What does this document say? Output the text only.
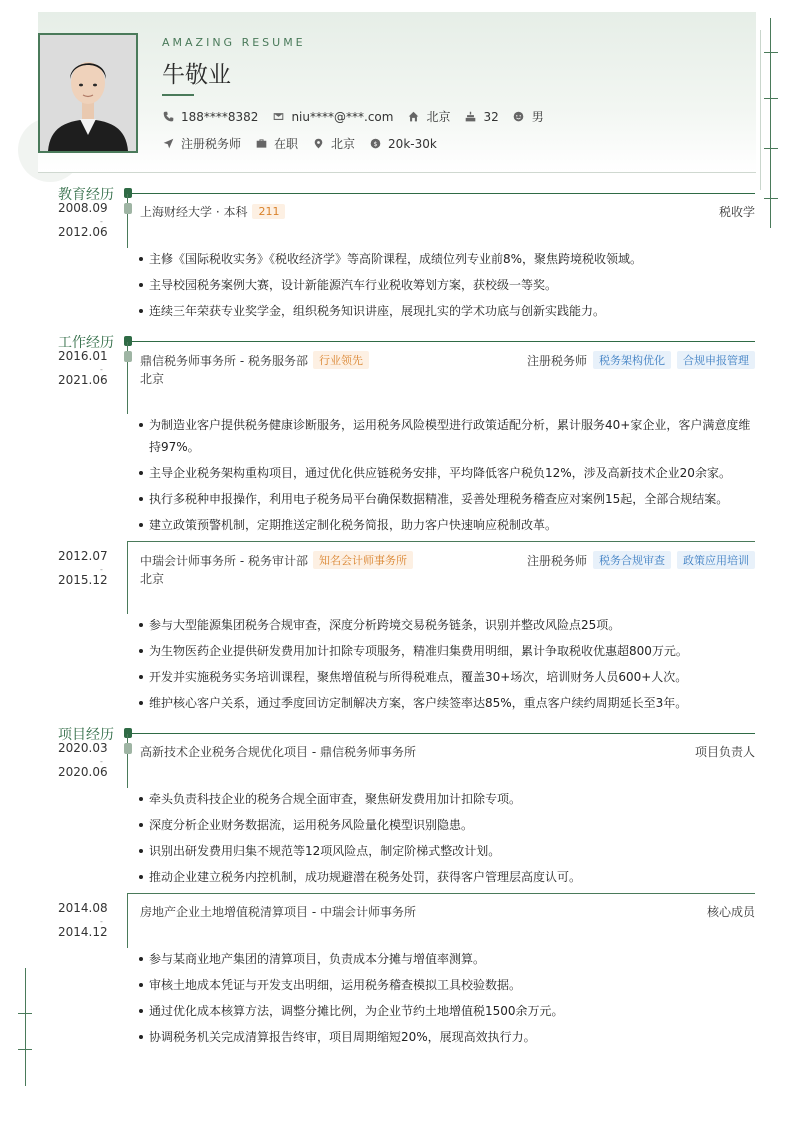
AMAZING RESUME
牛敬业
188****8382	niu****@***.com	北京	32	男
注册税务师	在职	北京 $ 20k-30k
教育经历
2008.09
-
2012.06
上海财经大学 · 本科	211	税收学
主修《国际税收实务》《税收经济学》等高阶课程，成绩位列专业前8%，聚焦跨境税收领域。
主导校园税务案例大赛，设计新能源汽车行业税收筹划方案，获校级一等奖。
连续三年荣获专业奖学金，组织税务知识讲座，展现扎实的学术功底与创新实践能力。
工作经历
2016.01
-
2021.06
鼎信税务师事务所 - 税务服务部	行业领先	注册税务师	税务架构优化	合规申报管理
北京
为制造业客户提供税务健康诊断服务，运用税务风险模型进行政策适配分析，累计服务40+家企业，客户满意度维持97%。
主导企业税务架构重构项目，通过优化供应链税务安排，平均降低客户税负12%，涉及高新技术企业20余家。
执行多税种申报操作，利用电子税务局平台确保数据精准，妥善处理税务稽查应对案例15起，全部合规结案。
建立政策预警机制，定期推送定制化税务简报，助力客户快速响应税制改革。
2012.07
-
2015.12
中瑞会计师事务所 - 税务审计部	知名会计师事务所	注册税务师	税务合规审查	政策应用培训
北京
参与大型能源集团税务合规审查，深度分析跨境交易税务链条，识别并整改风险点25项。
为生物医药企业提供研发费用加计扣除专项服务，精准归集费用明细，累计争取税收优惠超800万元。
开发并实施税务实务培训课程，聚焦增值税与所得税难点，覆盖30+场次，培训财务人员600+人次。
维护核心客户关系，通过季度回访定制解决方案，客户续签率达85%，重点客户续约周期延长至3年。
项目经历
2020.03
-
2020.06
高新技术企业税务合规优化项目 - 鼎信税务师事务所	项目负责人
牵头负责科技企业的税务合规全面审查，聚焦研发费用加计扣除专项。
深度分析企业财务数据流，运用税务风险量化模型识别隐患。
识别出研发费用归集不规范等12项风险点，制定阶梯式整改计划。
推动企业建立税务内控机制，成功规避潜在税务处罚，获得客户管理层高度认可。
2014.08
-
2014.12
房地产企业土地增值税清算项目 - 中瑞会计师事务所	核心成员
参与某商业地产集团的清算项目，负责成本分摊与增值率测算。
审核土地成本凭证与开发支出明细，运用税务稽查模拟工具校验数据。
通过优化成本核算方法，调整分摊比例，为企业节约土地增值税1500余万元。
协调税务机关完成清算报告终审，项目周期缩短20%，展现高效执行力。
